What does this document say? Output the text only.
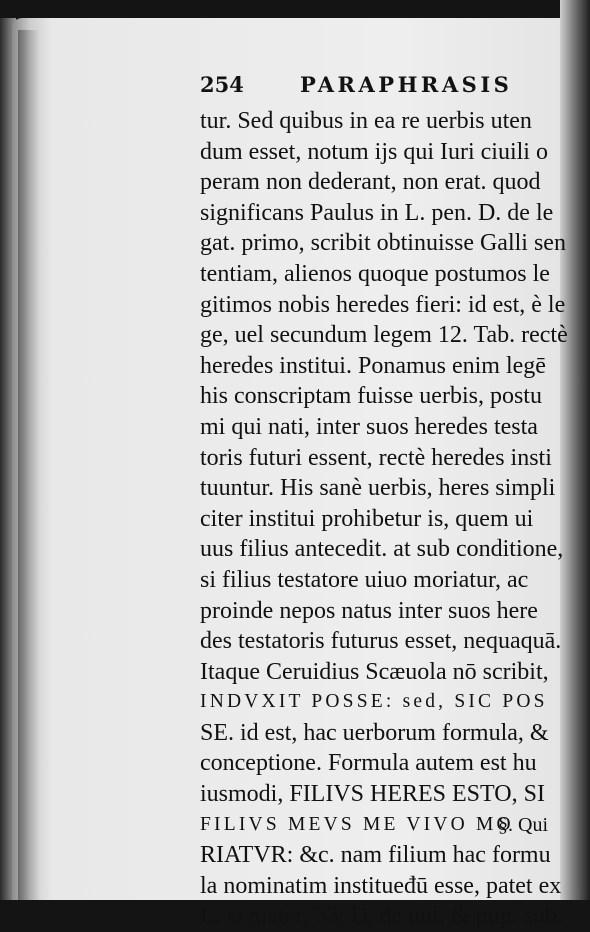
254	PARAPHRASIS
tur. Sed quibus in ea re uerbis uten
dum esset, notum ijs qui Iuri ciuili o
peram non dederant, non erat. quod
significans Paulus in L. pen. D. de le
gat. primo, scribit obtinuisse Galli sen
tentiam, alienos quoque postumos le
gitimos nobis heredes fieri: id est, è le
ge, uel secundum legem 12. Tab. rectè
heredes institui. Ponamus enim legē
his conscriptam fuisse uerbis, postu
mi qui nati, inter suos heredes testa
toris futuri essent, rectè heredes insti
tuuntur. His sanè uerbis, heres simpli
citer institui prohibetur is, quem ui
uus filius antecedit. at sub conditione,
si filius testatore uiuo moriatur, ac
proinde nepos natus inter suos here
des testatoris futurus esset, nequaquā.
Itaque Ceruidius Scæuola nō scribit,
INDVXIT POSSE: sed, SIC POS
SE. id est, hac uerborum formula, &
conceptione. Formula autem est hu
iusmodi, FILIVS HERES ESTO, SI
FILIVS MEVS ME VIVO MO
RIATVR: &c. nam filium hac formu
la nominatim institueđū esse, patet ex
L. si mater, 33. D, de uul, & pup. sub.
§. Qui
